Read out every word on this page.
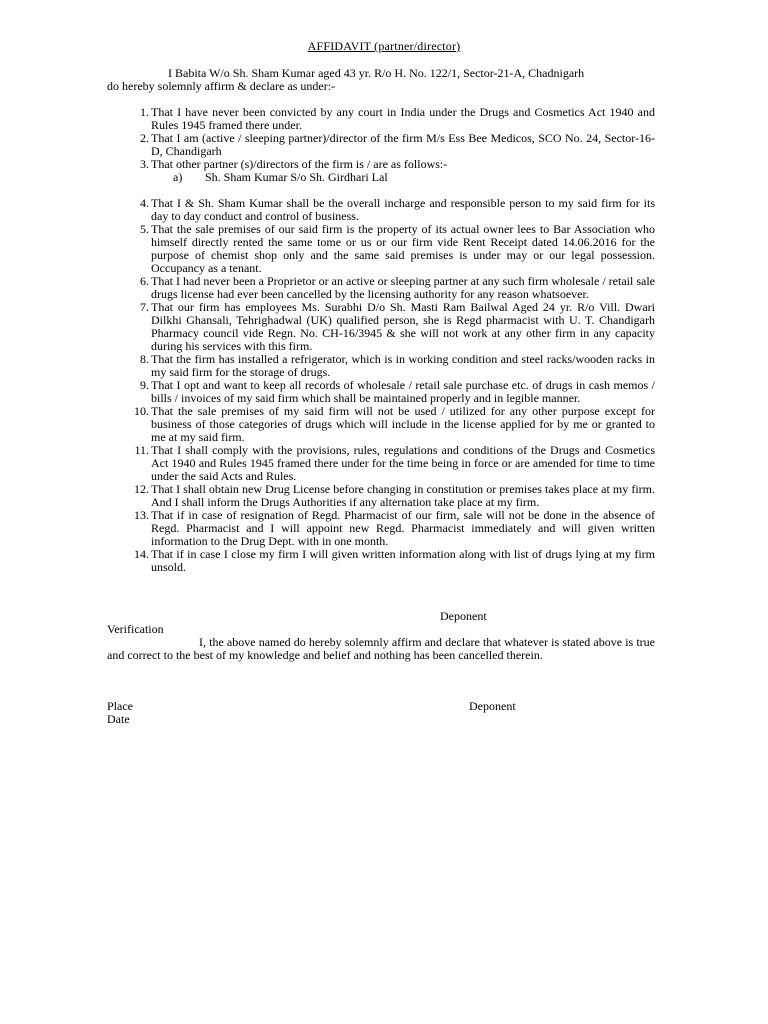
AFFIDAVIT (partner/director)
I Babita W/o Sh. Sham Kumar aged 43 yr. R/o H. No. 122/1, Sector-21-A, Chadnigarh
do hereby solemnly affirm & declare as under:-
1. That I have never been convicted by any court in India under the Drugs and Cosmetics Act 1940 and Rules 1945 framed there under.
2. That I am (active / sleeping partner)/director of the firm M/s Ess Bee Medicos, SCO No. 24, Sector-16-D, Chandigarh
3. That other partner (s)/directors of the firm is / are as follows:-
a)	Sh. Sham Kumar S/o Sh. Girdhari Lal
4. That I & Sh. Sham Kumar shall be the overall incharge and responsible person to my said firm for its day to day conduct and control of business.
5. That the sale premises of our said firm is the property of its actual owner lees to Bar Association who himself directly rented the same tome or us or our firm vide Rent Receipt dated 14.06.2016 for the purpose of chemist shop only and the same said premises is under may or our legal possession. Occupancy as a tenant.
6. That I had never been a Proprietor or an active or sleeping partner at any such firm wholesale / retail sale drugs license had ever been cancelled by the licensing authority for any reason whatsoever.
7. That our firm has employees Ms. Surabhi D/o Sh. Masti Ram Bailwal Aged 24 yr. R/o Vill. Dwari Dilkhi Ghansali, Tehrighadwal (UK) qualified person, she is Regd pharmacist with U. T. Chandigarh Pharmacy council vide Regn. No. CH-16/3945 & she will not work at any other firm in any capacity during his services with this firm.
8. That the firm has installed a refrigerator, which is in working condition and steel racks/wooden racks in my said firm for the storage of drugs.
9. That I opt and want to keep all records of wholesale / retail sale purchase etc. of drugs in cash memos / bills / invoices of my said firm which shall be maintained properly and in legible manner.
10. That the sale premises of my said firm will not be used / utilized for any other purpose except for business of those categories of drugs which will include in the license applied for by me or granted to me at my said firm.
11. That I shall comply with the provisions, rules, regulations and conditions of the Drugs and Cosmetics Act 1940 and Rules 1945 framed there under for the time being in force or are amended for time to time under the said Acts and Rules.
12. That I shall obtain new Drug License before changing in constitution or premises takes place at my firm. And I shall inform the Drugs Authorities if any alternation take place at my firm.
13. That if in case of resignation of Regd. Pharmacist of our firm, sale will not be done in the absence of Regd. Pharmacist and I will appoint new Regd. Pharmacist immediately and will given written information to the Drug Dept. with in one month.
14. That if in case I close my firm I will given written information along with list of drugs lying at my firm unsold.
Deponent
Verification
I, the above named do hereby solemnly affirm and declare that whatever is stated above is true and correct to the best of my knowledge and belief and nothing has been cancelled therein.
Place
Date
Deponent
